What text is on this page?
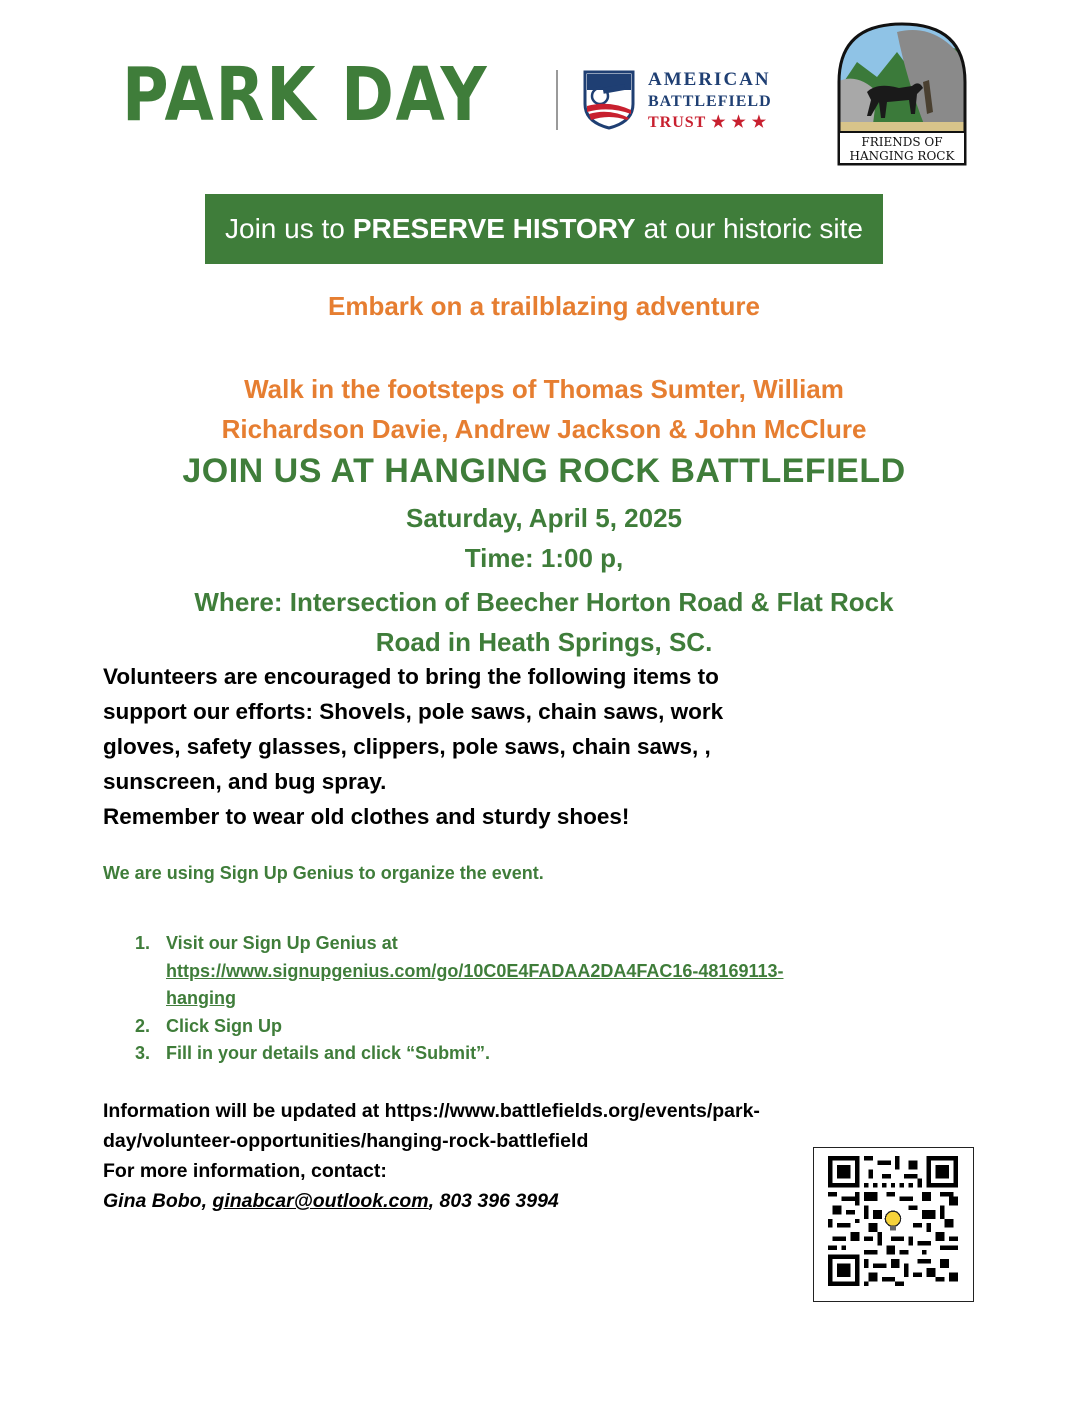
PARK DAY	AMERICAN
BATTLEFIELD
TRUST ★ ★ ★
FRIENDS OF
HANGING ROCK
Join us to PRESERVE HISTORY at our historic site
Embark on a trailblazing adventure
Walk in the footsteps of Thomas Sumter, William
Richardson Davie, Andrew Jackson & John McClure
JOIN US AT HANGING ROCK BATTLEFIELD
Saturday, April 5, 2025
Time: 1:00 p,
Where: Intersection of Beecher Horton Road & Flat Rock
Road in Heath Springs, SC.
Volunteers are encouraged to bring the following items to
support our efforts: Shovels, pole saws, chain saws, work
gloves, safety glasses, clippers, pole saws, chain saws, ,
sunscreen, and bug spray.
Remember to wear old clothes and sturdy shoes!
We are using Sign Up Genius to organize the event.
1. Visit our Sign Up Genius at
https://www.signupgenius.com/go/10C0E4FADAA2DA4FAC16-48169113-
hanging
2. Click Sign Up
3. Fill in your details and click “Submit”.
Information will be updated at https://www.battlefields.org/events/park-
day/volunteer-opportunities/hanging-rock-battlefield
For more information, contact:
Gina Bobo, ginabcar@outlook.com, 803 396 3994
